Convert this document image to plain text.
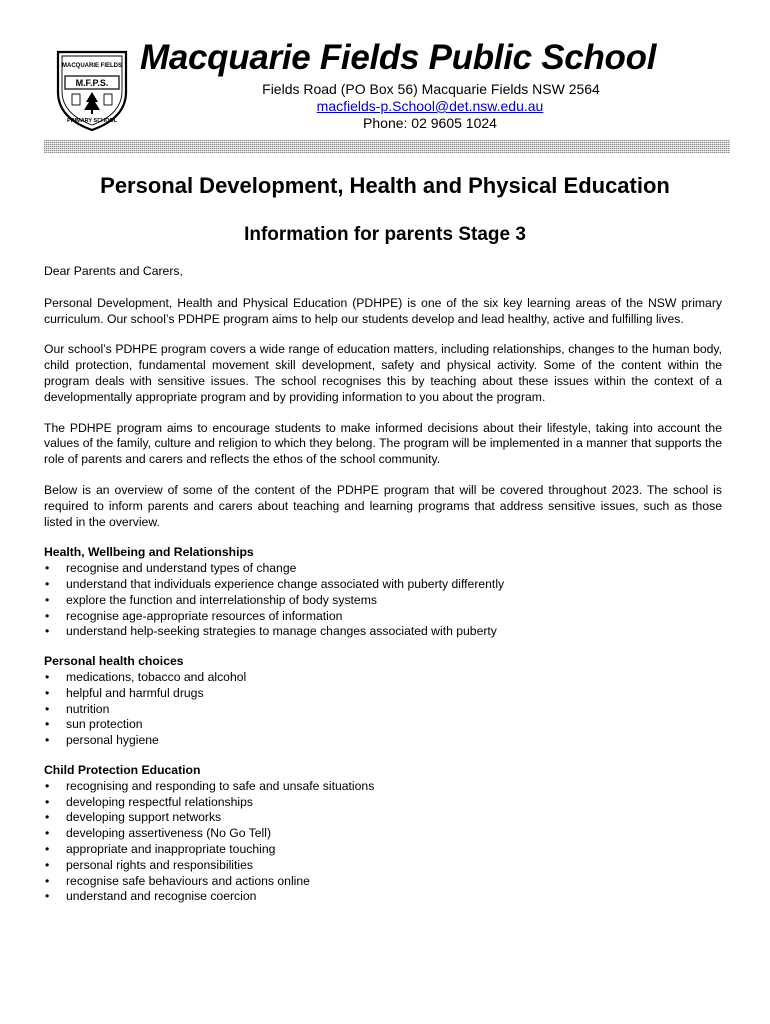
M.F.P.S.
MACQUARIE FIELDS
PRIMARY SCHOOL
Macquarie Fields Public School
Fields Road (PO Box 56) Macquarie Fields NSW 2564
macfields-p.School@det.nsw.edu.au
Phone: 02 9605 1024
Personal Development, Health and Physical Education
Information for parents Stage 3

Dear Parents and Carers,

Personal Development, Health and Physical Education (PDHPE) is one of the six key learning areas of the NSW primary curriculum. Our school’s PDHPE program aims to help our students develop and lead healthy, active and fulfilling lives.

Our school’s PDHPE program covers a wide range of education matters, including relationships, changes to the human body, child protection, fundamental movement skill development, safety and physical activity. Some of the content within the program deals with sensitive issues. The school recognises this by teaching about these issues within the context of a developmentally appropriate program and by providing information to you about the program.

The PDHPE program aims to encourage students to make informed decisions about their lifestyle, taking into account the values of the family, culture and religion to which they belong. The program will be implemented in a manner that supports the role of parents and carers and reflects the ethos of the school community.

Below is an overview of some of the content of the PDHPE program that will be covered throughout 2023. The school is required to inform parents and carers about teaching and learning programs that address sensitive issues, such as those listed in the overview.

Health, Wellbeing and Relationships
• recognise and understand types of change
• understand that individuals experience change associated with puberty differently
• explore the function and interrelationship of body systems
• recognise age-appropriate resources of information
• understand help-seeking strategies to manage changes associated with puberty
Personal health choices
• medications, tobacco and alcohol
• helpful and harmful drugs
• nutrition
• sun protection
• personal hygiene
Child Protection Education
• recognising and responding to safe and unsafe situations
• developing respectful relationships
• developing support networks
• developing assertiveness (No Go Tell)
• appropriate and inappropriate touching
• personal rights and responsibilities
• recognise safe behaviours and actions online
• understand and recognise coercion
